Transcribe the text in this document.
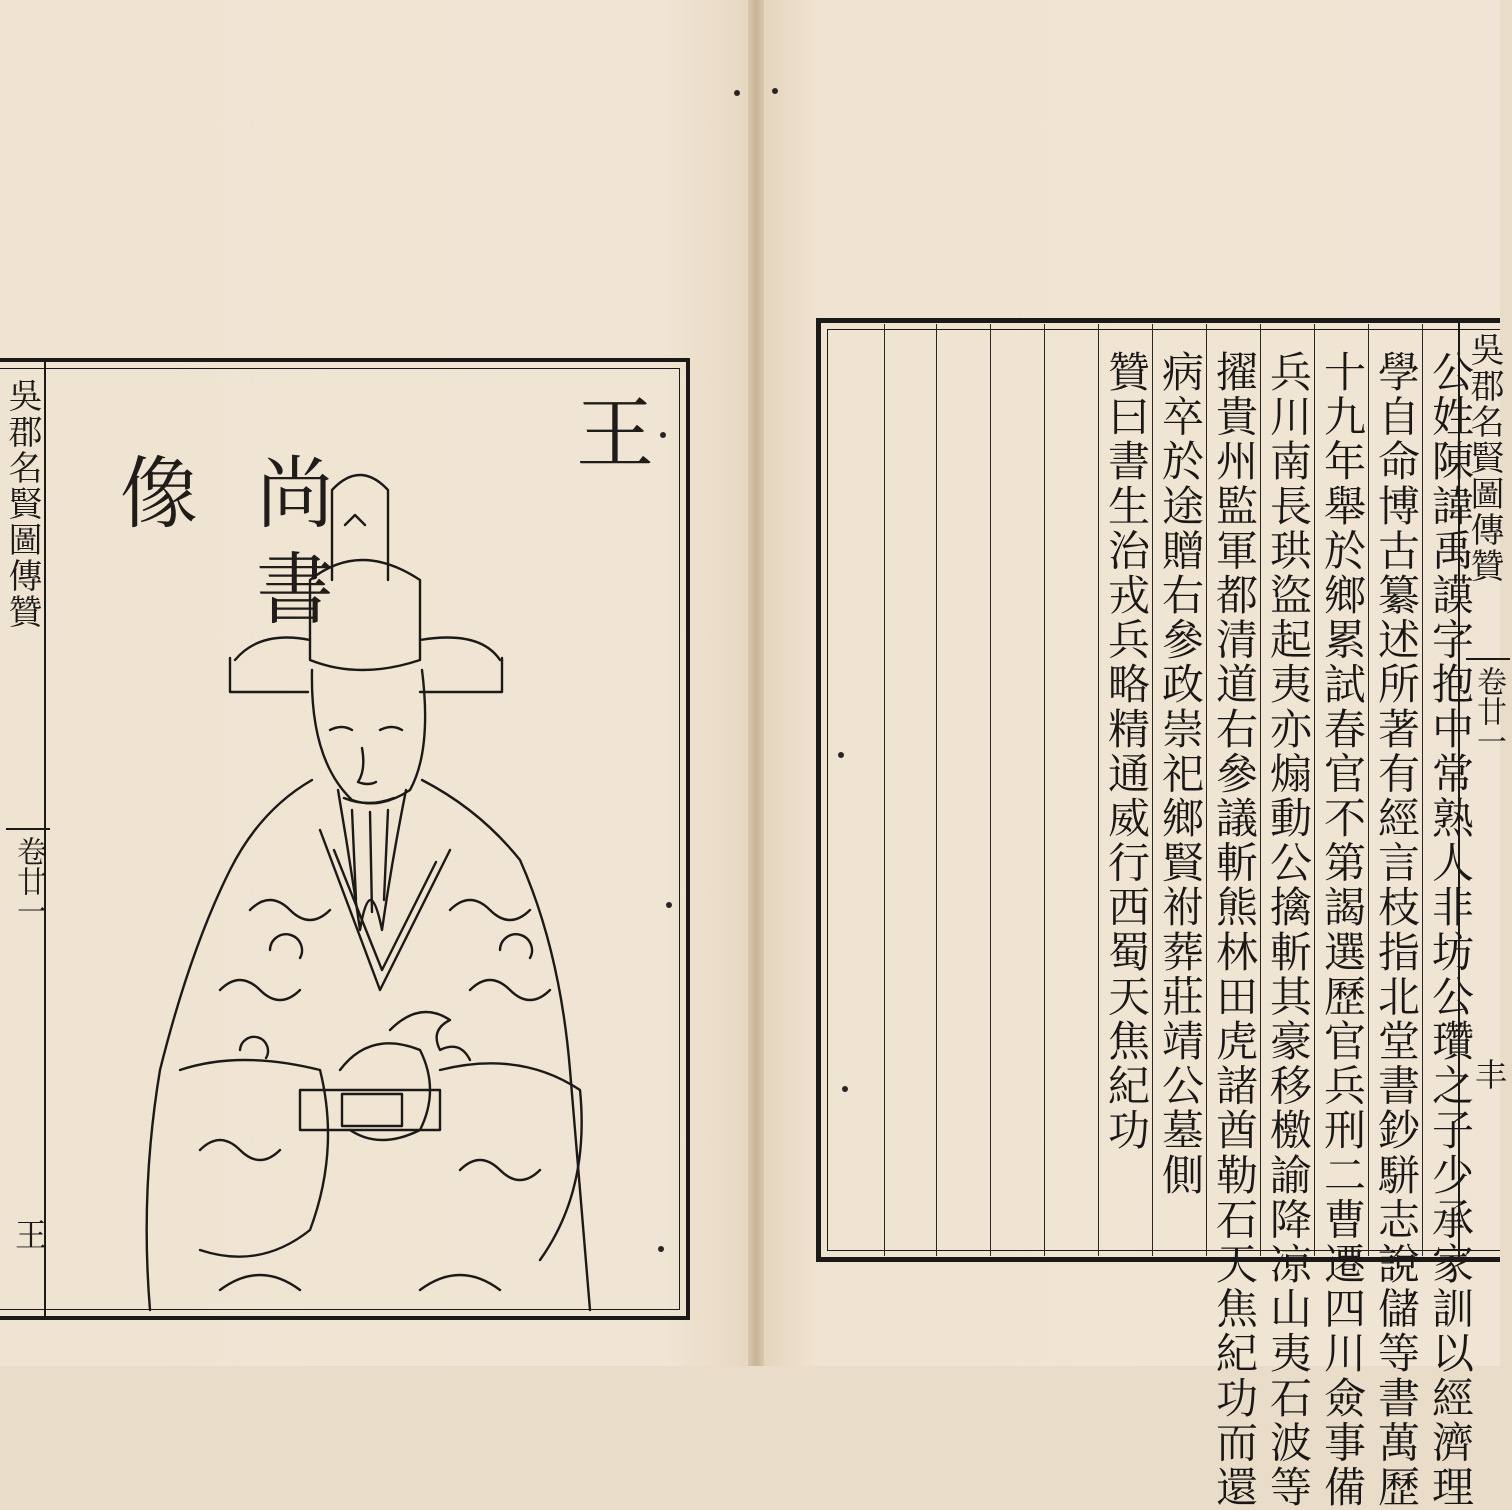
吳郡名賢圖傳贊
卷廿一
王
王
尚書
像	吳郡名賢圖傳贊
卷廿一
丰
公姓陳諱禹謨字抱中常熟人非坊公瓚之子少承家訓以經濟理
學自命博古纂述所著有經言枝指北堂書鈔駢志說儲等書萬歷
十九年舉於鄉累試春官不第謁選歷官兵刑二曹遷四川僉事備
兵川南長珙盜起夷亦煽動公擒斬其豪移檄諭降凉山夷石波等
擢貴州監軍都清道右參議斬熊林田虎諸酋勒石天焦紀功而還
病卒於途贈右參政崇祀鄉賢祔葬莊靖公墓側
贊曰書生治戎兵略精通威行西蜀天焦紀功
